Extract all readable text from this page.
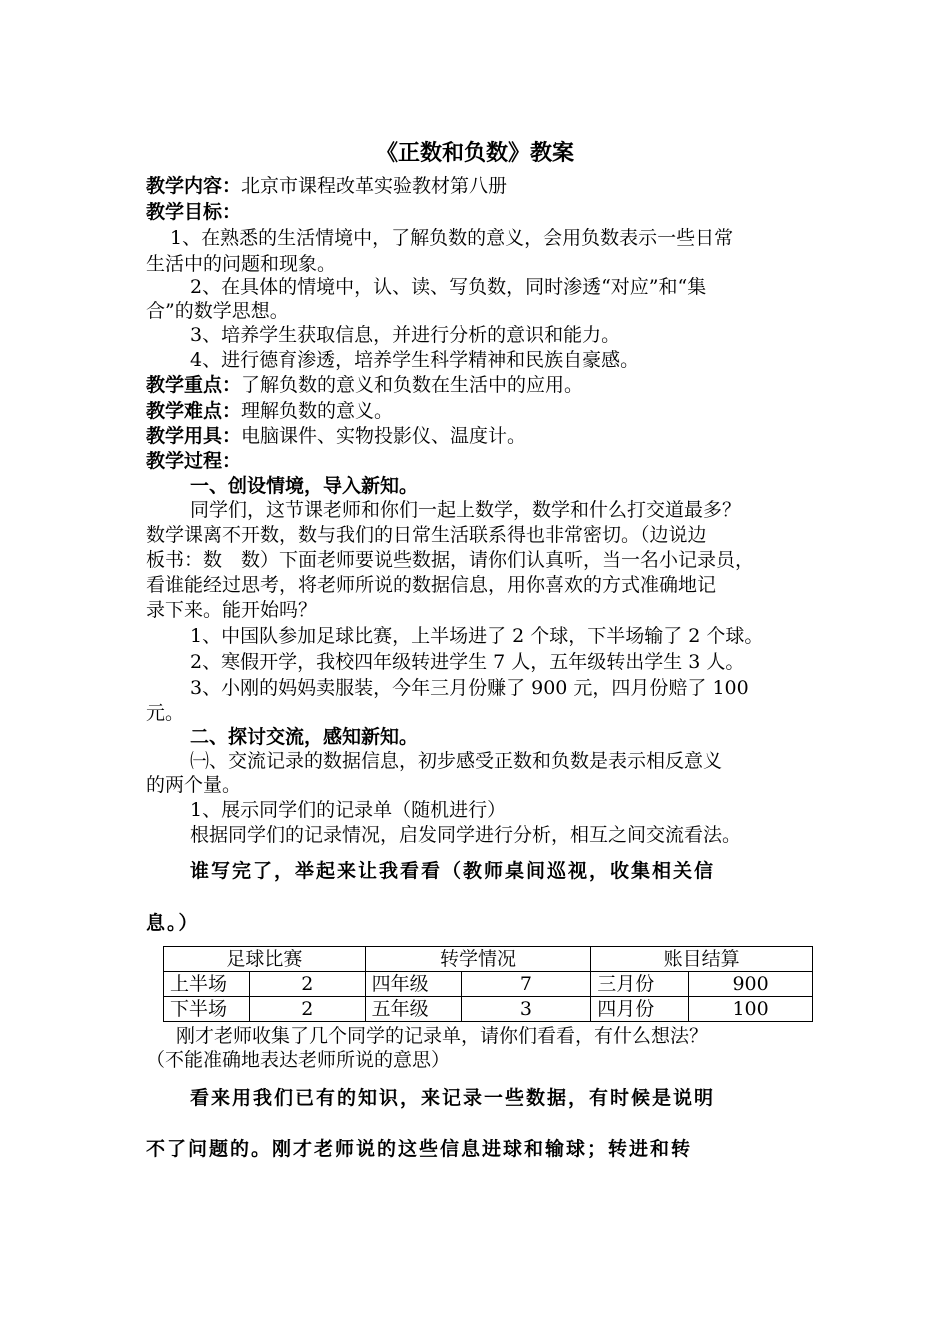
《正数和负数》教案
教学内容：北京市课程改革实验教材第八册
教学目标：
1、在熟悉的生活情境中，了解负数的意义，会用负数表示一些日常
生活中的问题和现象。
2、在具体的情境中，认、读、写负数，同时渗透“对应”和“集
合”的数学思想。
3、培养学生获取信息，并进行分析的意识和能力。
4、进行德育渗透，培养学生科学精神和民族自豪感。
教学重点：了解负数的意义和负数在生活中的应用。
教学难点：理解负数的意义。
教学用具：电脑课件、实物投影仪、温度计。
教学过程：
一、创设情境，导入新知。
同学们，这节课老师和你们一起上数学，数学和什么打交道最多？
数学课离不开数，数与我们的日常生活联系得也非常密切。（边说边
板书：数　数）下面老师要说些数据，请你们认真听，当一名小记录员，
看谁能经过思考，将老师所说的数据信息，用你喜欢的方式准确地记
录下来。能开始吗？
1、中国队参加足球比赛，上半场进了 2 个球，下半场输了 2 个球。
2、寒假开学，我校四年级转进学生 7 人，五年级转出学生 3 人。
3、小刚的妈妈卖服装，今年三月份赚了 900 元，四月份赔了 100
元。
二、探讨交流，感知新知。
㈠、交流记录的数据信息，初步感受正数和负数是表示相反意义
的两个量。
1、展示同学们的记录单（随机进行）
根据同学们的记录情况，启发同学进行分析，相互之间交流看法。
谁写完了，举起来让我看看（教师桌间巡视，收集相关信
息。）
足球比赛		转学情况		账目结算	
上半场	2	四年级	7	三月份	900
下半场	2	五年级	3	四月份	100
刚才老师收集了几个同学的记录单，请你们看看，有什么想法？
（不能准确地表达老师所说的意思）
看来用我们已有的知识，来记录一些数据，有时候是说明
不了问题的。刚才老师说的这些信息进球和输球；转进和转
